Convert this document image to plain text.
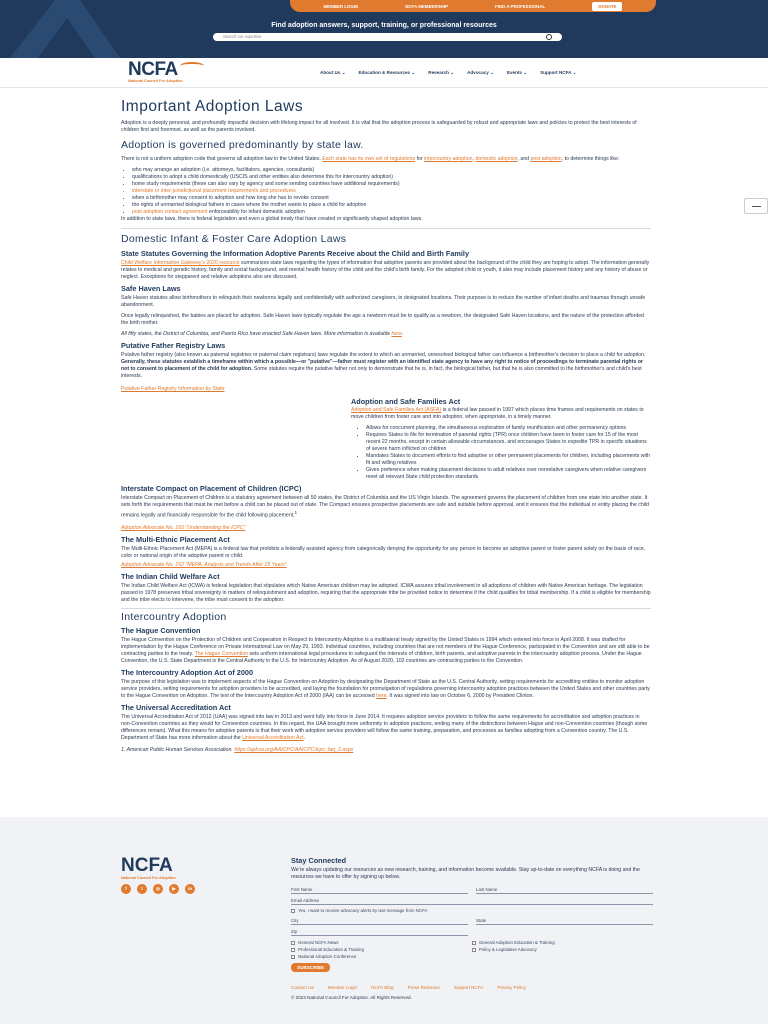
MEMBER LOGIN	NCFA MEMBERSHIP	FIND A PROFESSIONAL	DONATE
Find adoption answers, support, training, or professional resources
Search our expertise
NCFA
National Council For Adoption
About Us ⌄	Education & Resources ⌄	Research ⌄	Advocacy ⌄	Events ⌄	Support NCFA ⌄
Important Adoption Laws

Adoption is a deeply personal, and profoundly impactful decision with lifelong impact for all involved. It is vital that the adoption process is safeguarded by robust and appropriate laws and policies to protect the best interests of children first and foremost, as well as the parents involved.

Adoption is governed predominantly by state law.

There is not a uniform adoption code that governs all adoption law in the United States. Each state has its own set of regulations for intercountry adoption, domestic adoption, and post adoption, to determine things like:

• who may arrange an adoption (i.e. attorneys, facilitators, agencies, consultants)
• qualifications to adopt a child domestically (USCIS and other entities also determine this for intercountry adoption)
• home study requirements (these can also vary by agency and some sending countries have additional requirements)
• interstate or inter-jurisdictional placement requirements and procedures
• when a birthmother may consent to adoption and how long she has to revoke consent
• the rights of unmarried biological fathers in cases where the mother wants to place a child for adoption
• post adoption contact agreement enforceability for infant domestic adoption

In addition to state laws, there is federal legislation and even a global treaty that have created or significantly shaped adoption laws.

Domestic Infant & Foster Care Adoption Laws
State Statutes Governing the Information Adoptive Parents Receive about the Child and Birth Family

Child Welfare Information Gateway's 2020 resource summarizes state laws regarding the types of information that adoptive parents are provided about the background of the child they are hoping to adopt. The information generally relates to medical and genetic history, family and social background, and mental health history of the child and the child's birth family. For the adopted child or youth, it also may include placement history and any history of abuse or neglect. Exceptions for stepparent and relative adoptions also are discussed.

Safe Haven Laws

Safe Haven statutes allow birthmothers to relinquish their newborns legally and confidentially with authorized caregivers, in designated locations. Their purpose is to reduce the number of infant deaths and traumas through unsafe abandonment.

Once legally relinquished, the babies are placed for adoption. Safe Haven laws typically regulate the age a newborn must be to qualify as a newborn, the designated Safe Haven locations, and the nature of the protection afforded the birth mother.

All fifty states, the District of Columbia, and Puerto Rico have enacted Safe Haven laws. More information is available here.

Putative Father Registry Laws

Putative father registry (also known as paternal registries or paternal claim registrars) laws regulate the extent to which an unmarried, unresolved biological father can influence a birthmother's decision to place a child for adoption. Generally, these statutes establish a timeframe within which a possible—or "putative"—father must register with an identified state agency to have any right to notice of proceedings to terminate parental rights or not to consent to placement of the child for adoption. Some statutes require the putative father not only to demonstrate that he is, in fact, the biological father, but that he is also committed to the birthmother's and child's best interests.

Putative Father Registry Information by State

Adoption and Safe Families Act

Adoption and Safe Families Act (ASFA) is a federal law passed in 1997 which places time frames and requirements on states to move children from foster care and into adoption, when appropriate, in a timely manner.

• Allows for concurrent planning, the simultaneous exploration of family reunification and other permanency options
• Requires States to file for termination of parental rights (TPR) once children have been in foster care for 15 of the most recent 22 months, except in certain allowable circumstances, and encourages States to expedite TPR in specific situations of severe harm inflicted on children
• Mandates States to document efforts to find adoptive or other permanent placements for children, including placements with fit and willing relatives
• Gives preference when making placement decisions to adult relatives over nonrelative caregivers when relative caregivers meet all relevant State child protection standards
Interstate Compact on Placement of Children (ICPC)

Interstate Compact on Placement of Children is a statutory agreement between all 50 states, the District of Columbia and the US Virgin Islands. The agreement governs the placement of children from one state into another state. It sets forth the requirements that must be met before a child can be placed out of state. The Compact ensures prospective placements are safe and suitable before approval, and it ensures that the individual or entity placing the child remains legally and financially responsible for the child following placement.$^1$

Adoption Advocate No. 165 "Understanding the ICPC"

The Multi-Ethnic Placement Act

The Multi-Ethnic Placement Act (MEPA) is a federal law that prohibits a federally assisted agency from categorically denying the opportunity for any person to become an adoptive parent or foster parent solely on the basis of race, color or national origin of the adoptive parent or child.

Adoption Advocate No. 162 "MEPA: Analysis and Trends After 25 Years"

The Indian Child Welfare Act

The Indian Child Welfare Act (ICWA) is federal legislation that stipulates which Native American children may be adopted. ICWA assures tribal involvement in all adoptions of children with Native American heritage. The legislation passed in 1978 preserves tribal sovereignty in matters of relinquishment and adoption, requiring that the appropriate tribe be provided notice to determine if the child qualifies for tribal membership. If a child is eligible for membership and the tribe elects to intervene, the tribe must consent to the adoption.

Intercountry Adoption
The Hague Convention

The Hague Convention on the Protection of Children and Cooperation in Respect to Intercountry Adoption is a multilateral treaty signed by the United States in 1994 which entered into force in April 2008. It was drafted for implementation by the Hague Conference on Private International Law on May 29, 1993. Individual countries, including countries that are not members of the Hague Conference, participated in the Convention and are still able to be contracting parties to the treaty. The Hague Convention sets uniform international legal procedures to safeguard the interests of children, birth parents, and adoptive parents in the intercountry adoption process. Under the Hague Convention, the U.S. State Department is the Central Authority in the U.S. for Intercountry Adoption. As of August 2020, 102 countries are contracting parties to the Convention.

The Intercountry Adoption Act of 2000

The purpose of this legislation was to implement aspects of the Hague Convention on Adoption by designating the Department of State as the U.S. Central Authority, setting requirements for accrediting entities to monitor adoption service providers, setting requirements for adoption providers to be accredited, and laying the foundation for promulgation of regulations governing intercountry adoption practices between the United States and other countries party to the Hague Convention on Adoption. The text of the Intercountry Adoption Act of 2000 (IAA) can be accessed here. It was signed into law on October 6, 2000 by President Clinton.

The Universal Accreditation Act

The Universal Accreditation Act of 2012 (UAA) was signed into law in 2013 and went fully into force in June 2014. It requires adoption service providers to follow the same requirements for accreditation and adoption practices in non-Convention countries as they would for Convention countries. In this regard, the UAA brought more uniformity to adoption practices, ending many of the distinctions between Hague and non-Convention countries (though some differences remain). What this means for adoptive parents is that their work with adoption service providers will follow the same training, preparation, and processes as families adopting from a Convention country. The U.S. Department of State has more information about the Universal Accreditation Act.

1. American Public Human Services Association. https://aphsa.org/AAICPC/AAICPC/icpc_faq_2.aspx

NCFA
National Council For Adoption
f	t	◎	▶	in
Stay Connected

We're always updating our resources as new research, training, and information become available. Stay up-to-date on everything NCFA is doing and the resources we have to offer by signing up below.

First Name	Last Name
Email Address
Yes, I want to receive advocacy alerts by text message from NCFA
City	State
Zip
General NCFA News
Professional Education & Training
National Adoption Conference
General Adoption Education & Training
Policy & Legislative Advocacy
SUBSCRIBE
Contact Us	Member Login	NCFA Blog	Press Releases	Support NCFA	Privacy Policy
© 2023 National Council For Adoption. All Rights Reserved.
